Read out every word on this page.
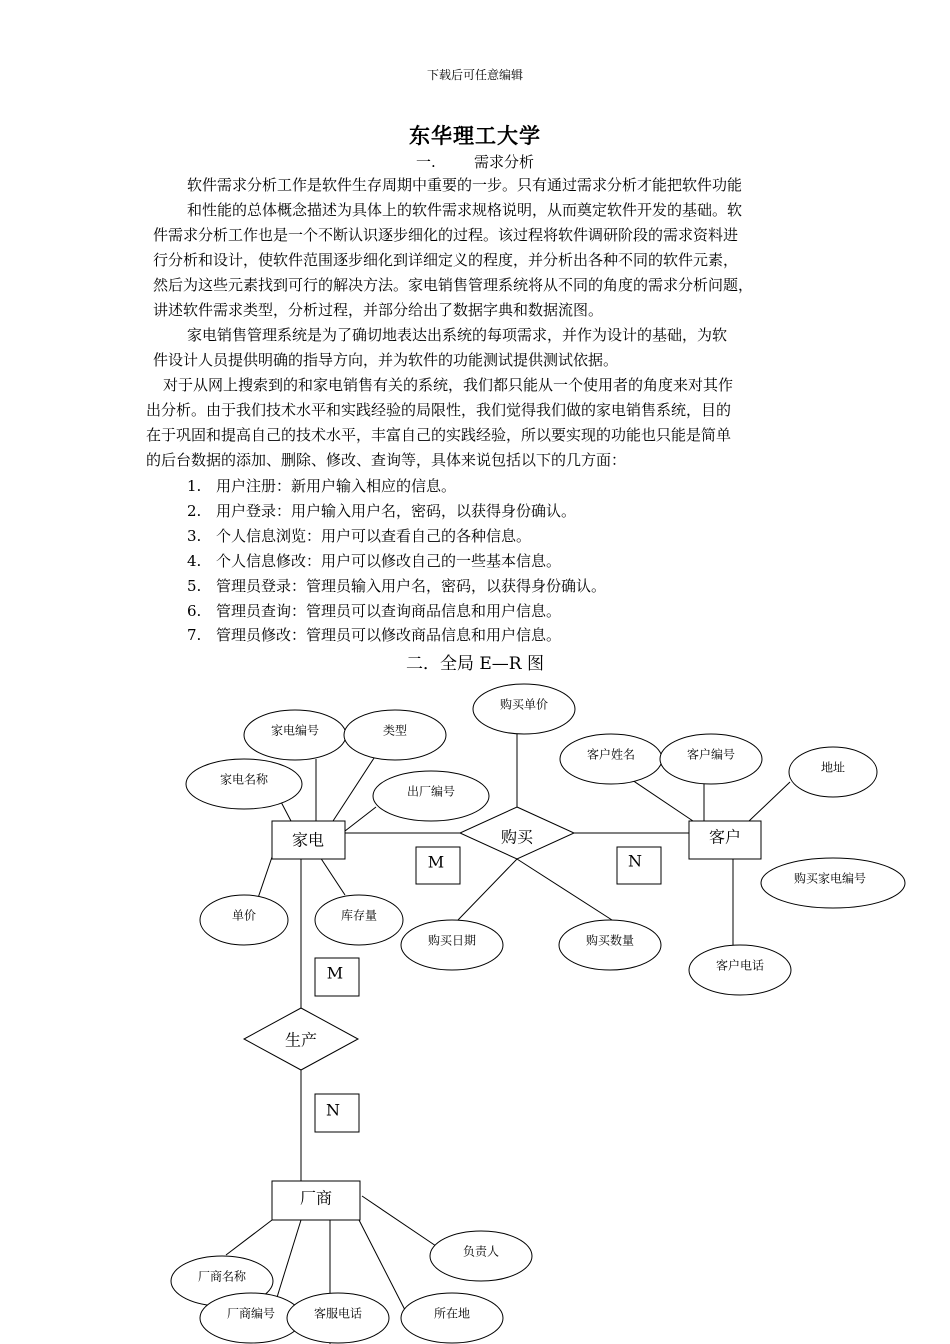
下载后可任意编辑
东华理工大学
一.	需求分析
软件需求分析工作是软件生存周期中重要的一步。只有通过需求分析才能把软件功能
和性能的总体概念描述为具体上的软件需求规格说明，从而奠定软件开发的基础。软
件需求分析工作也是一个不断认识逐步细化的过程。该过程将软件调研阶段的需求资料进
行分析和设计，使软件范围逐步细化到详细定义的程度，并分析出各种不同的软件元素，
然后为这些元素找到可行的解决方法。家电销售管理系统将从不同的角度的需求分析问题，
讲述软件需求类型，分析过程，并部分给出了数据字典和数据流图。
家电销售管理系统是为了确切地表达出系统的每项需求，并作为设计的基础，为软
件设计人员提供明确的指导方向，并为软件的功能测试提供测试依据。
对于从网上搜索到的和家电销售有关的系统，我们都只能从一个使用者的角度来对其作
出分析。由于我们技术水平和实践经验的局限性，我们觉得我们做的家电销售系统，目的
在于巩固和提高自己的技术水平，丰富自己的实践经验，所以要实现的功能也只能是简单
的后台数据的添加、删除、修改、查询等，具体来说包括以下的几方面：
1. 用户注册：新用户输入相应的信息。
2. 用户登录：用户输入用户名，密码，以获得身份确认。
3. 个人信息浏览：用户可以查看自己的各种信息。
4. 个人信息修改：用户可以修改自己的一些基本信息。
5. 管理员登录：管理员输入用户名，密码，以获得身份确认。
6. 管理员查询：管理员可以查询商品信息和用户信息。
7. 管理员修改：管理员可以修改商品信息和用户信息。
二．全局 E—R 图
家电	客户
厂商
购买
生产
M	N
M
N
家电编号	类型
家电名称
出厂编号
单价	库存量
购买单价
购买日期	购买数量
客户姓名	客户编号
地址
购买家电编号
客户电话
厂商名称
厂商编号	客服电话	所在地
负责人
